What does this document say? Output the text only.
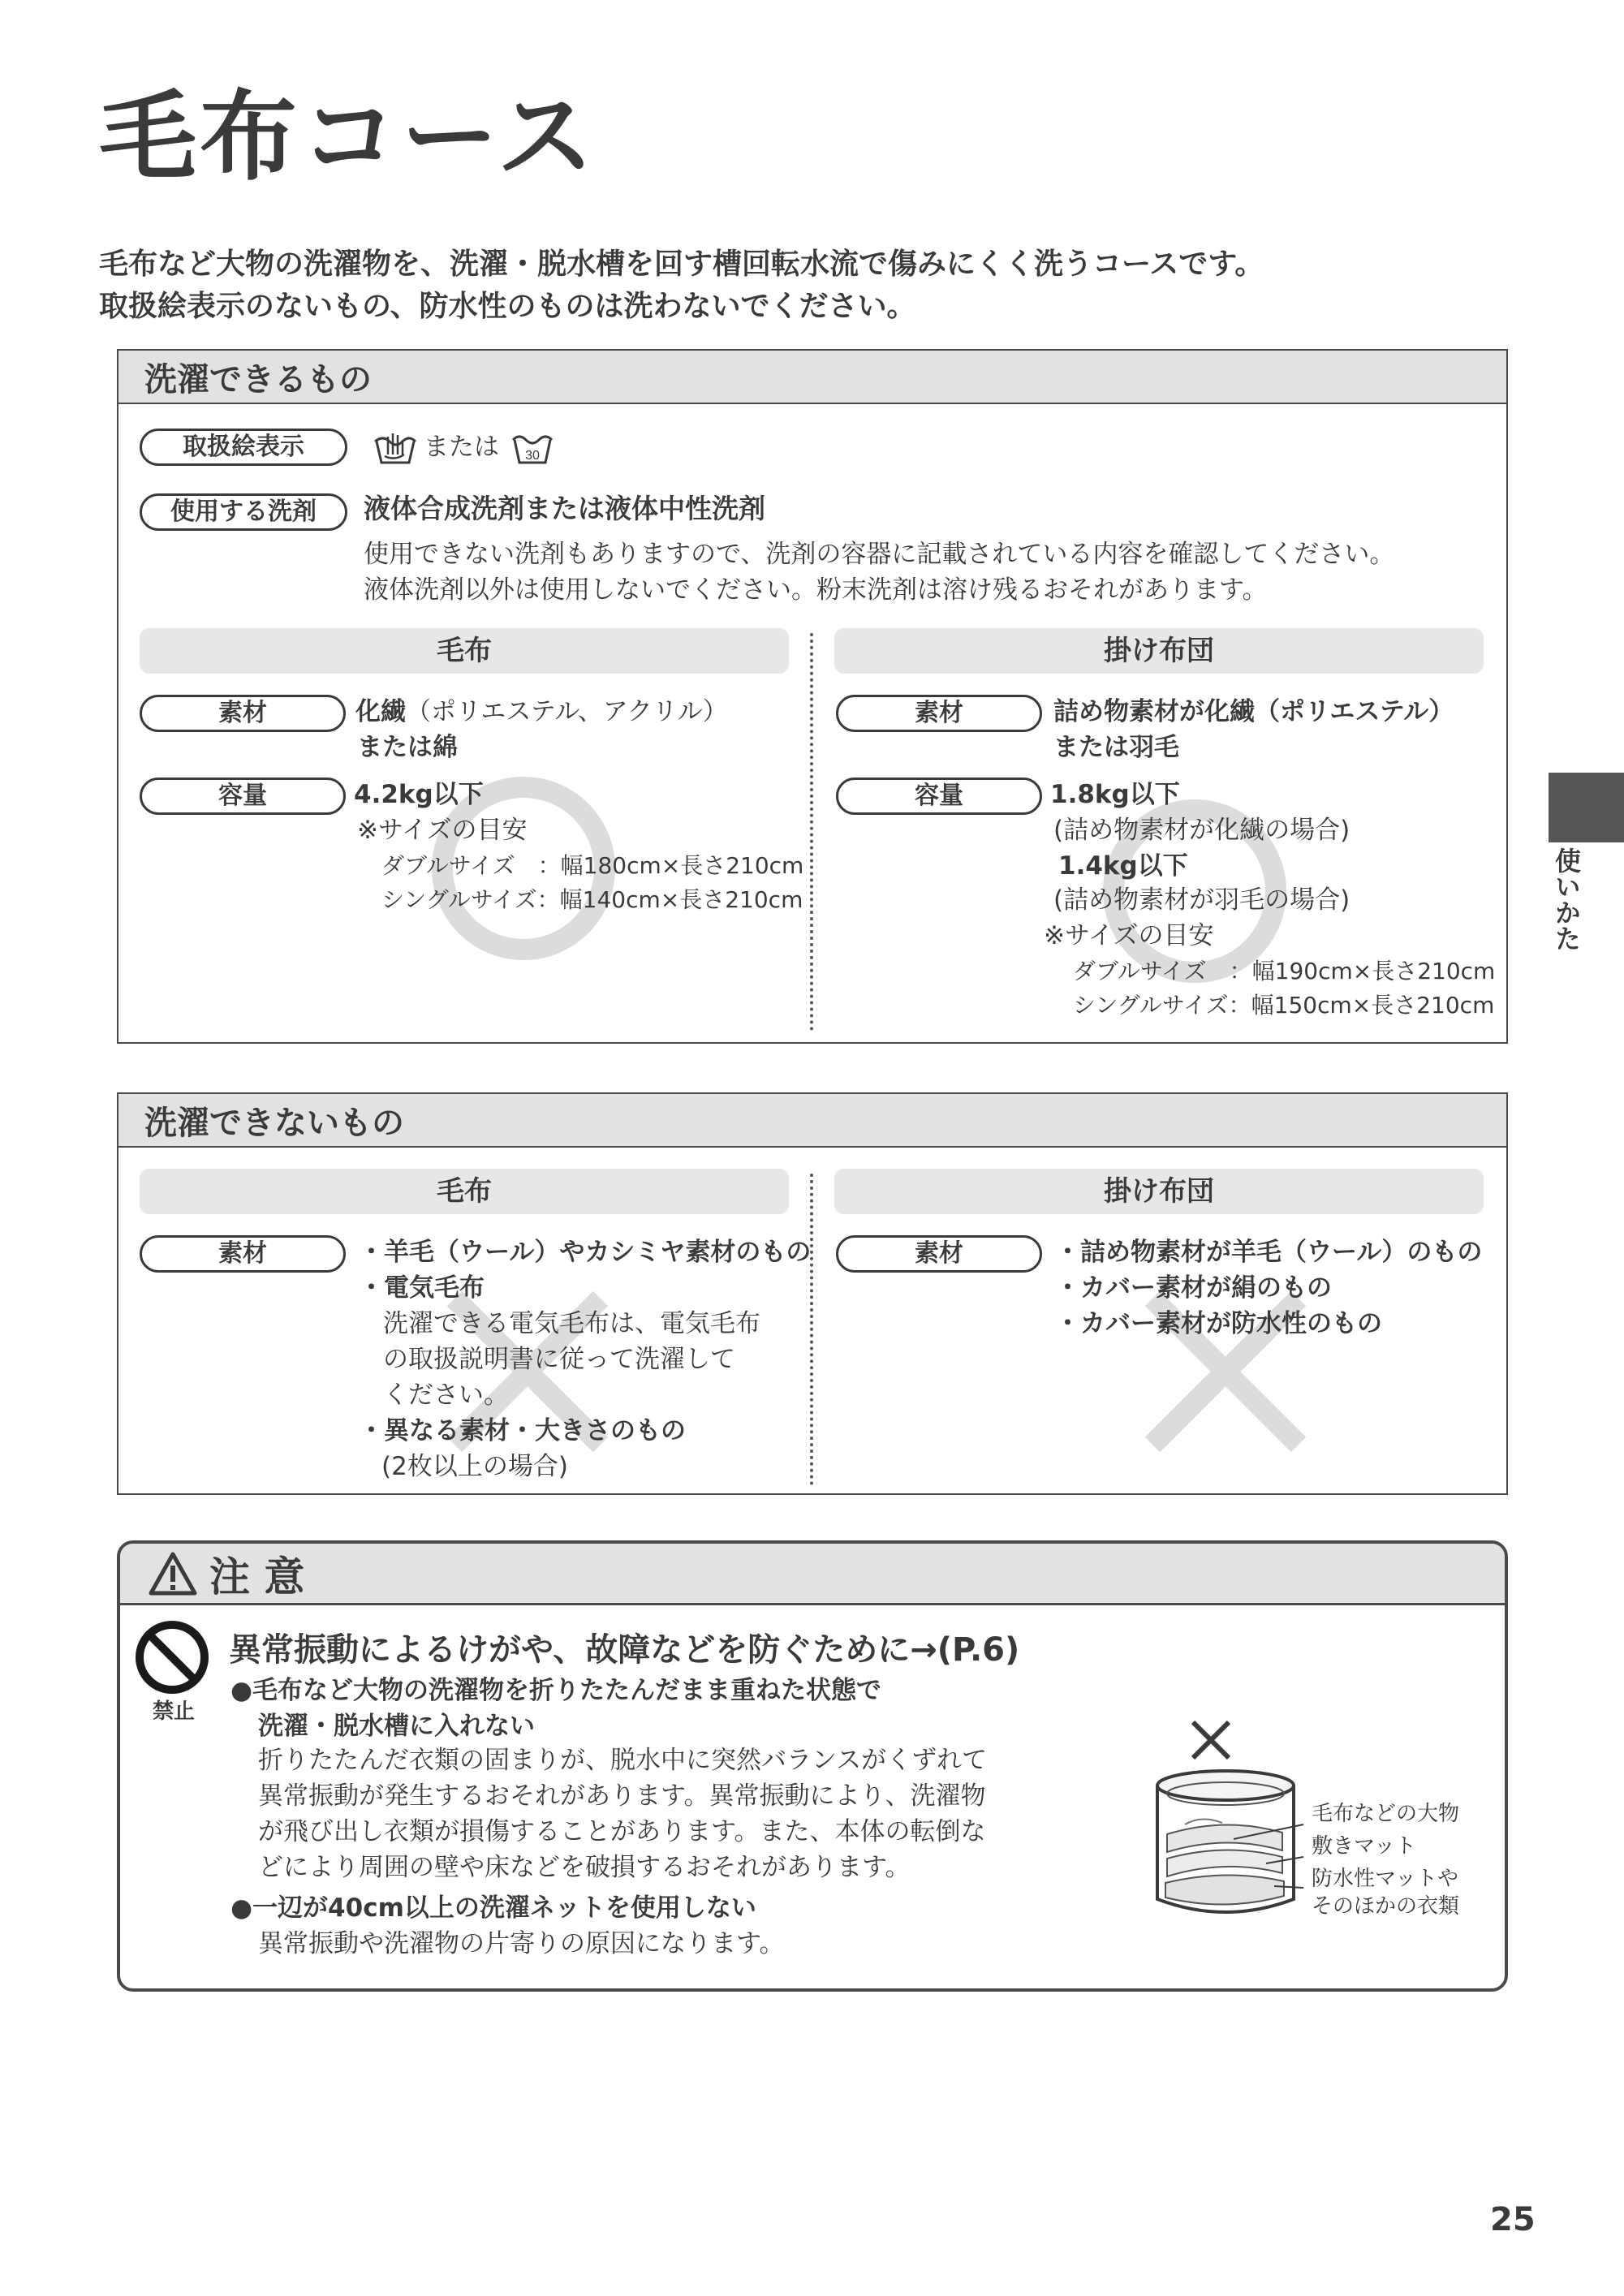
毛布コース
毛布など大物の洗濯物を、洗濯・脱水槽を回す槽回転水流で傷みにくく洗うコースです。
取扱絵表示のないもの、防水性のものは洗わないでください。
使いかた
洗濯できるもの
取扱絵表示	または 30
使用する洗剤	液体合成洗剤または液体中性洗剤
使用できない洗剤もありますので、洗剤の容器に記載されている内容を確認してください。
液体洗剤以外は使用しないでください。粉末洗剤は溶け残るおそれがあります。
毛布	掛け布団
素材	化繊（ポリエステル、アクリル）
または綿
容量	4.2kg以下
※サイズの目安
ダブルサイズ　：幅180cm×長さ210cm
シングルサイズ：幅140cm×長さ210cm
素材	詰め物素材が化繊（ポリエステル）
または羽毛
容量	1.8kg以下
(詰め物素材が化繊の場合)
1.4kg以下
(詰め物素材が羽毛の場合)
※サイズの目安
ダブルサイズ　：幅190cm×長さ210cm
シングルサイズ：幅150cm×長さ210cm
洗濯できないもの
毛布	掛け布団
素材	・羊毛（ウール）やカシミヤ素材のもの
・電気毛布
洗濯できる電気毛布は、電気毛布
の取扱説明書に従って洗濯して
ください。
・異なる素材・大きさのもの
(2枚以上の場合)
素材	・詰め物素材が羊毛（ウール）のもの
・カバー素材が絹のもの
・カバー素材が防水性のもの
注 意
禁止
異常振動によるけがや、故障などを防ぐために→(P.6)
●毛布など大物の洗濯物を折りたたんだまま重ねた状態で
洗濯・脱水槽に入れない
折りたたんだ衣類の固まりが、脱水中に突然バランスがくずれて
異常振動が発生するおそれがあります。異常振動により、洗濯物
が飛び出し衣類が損傷することがあります。また、本体の転倒な
どにより周囲の壁や床などを破損するおそれがあります。
●一辺が40cm以上の洗濯ネットを使用しない
異常振動や洗濯物の片寄りの原因になります。
毛布などの大物
敷きマット
防水性マットや
そのほかの衣類
25
